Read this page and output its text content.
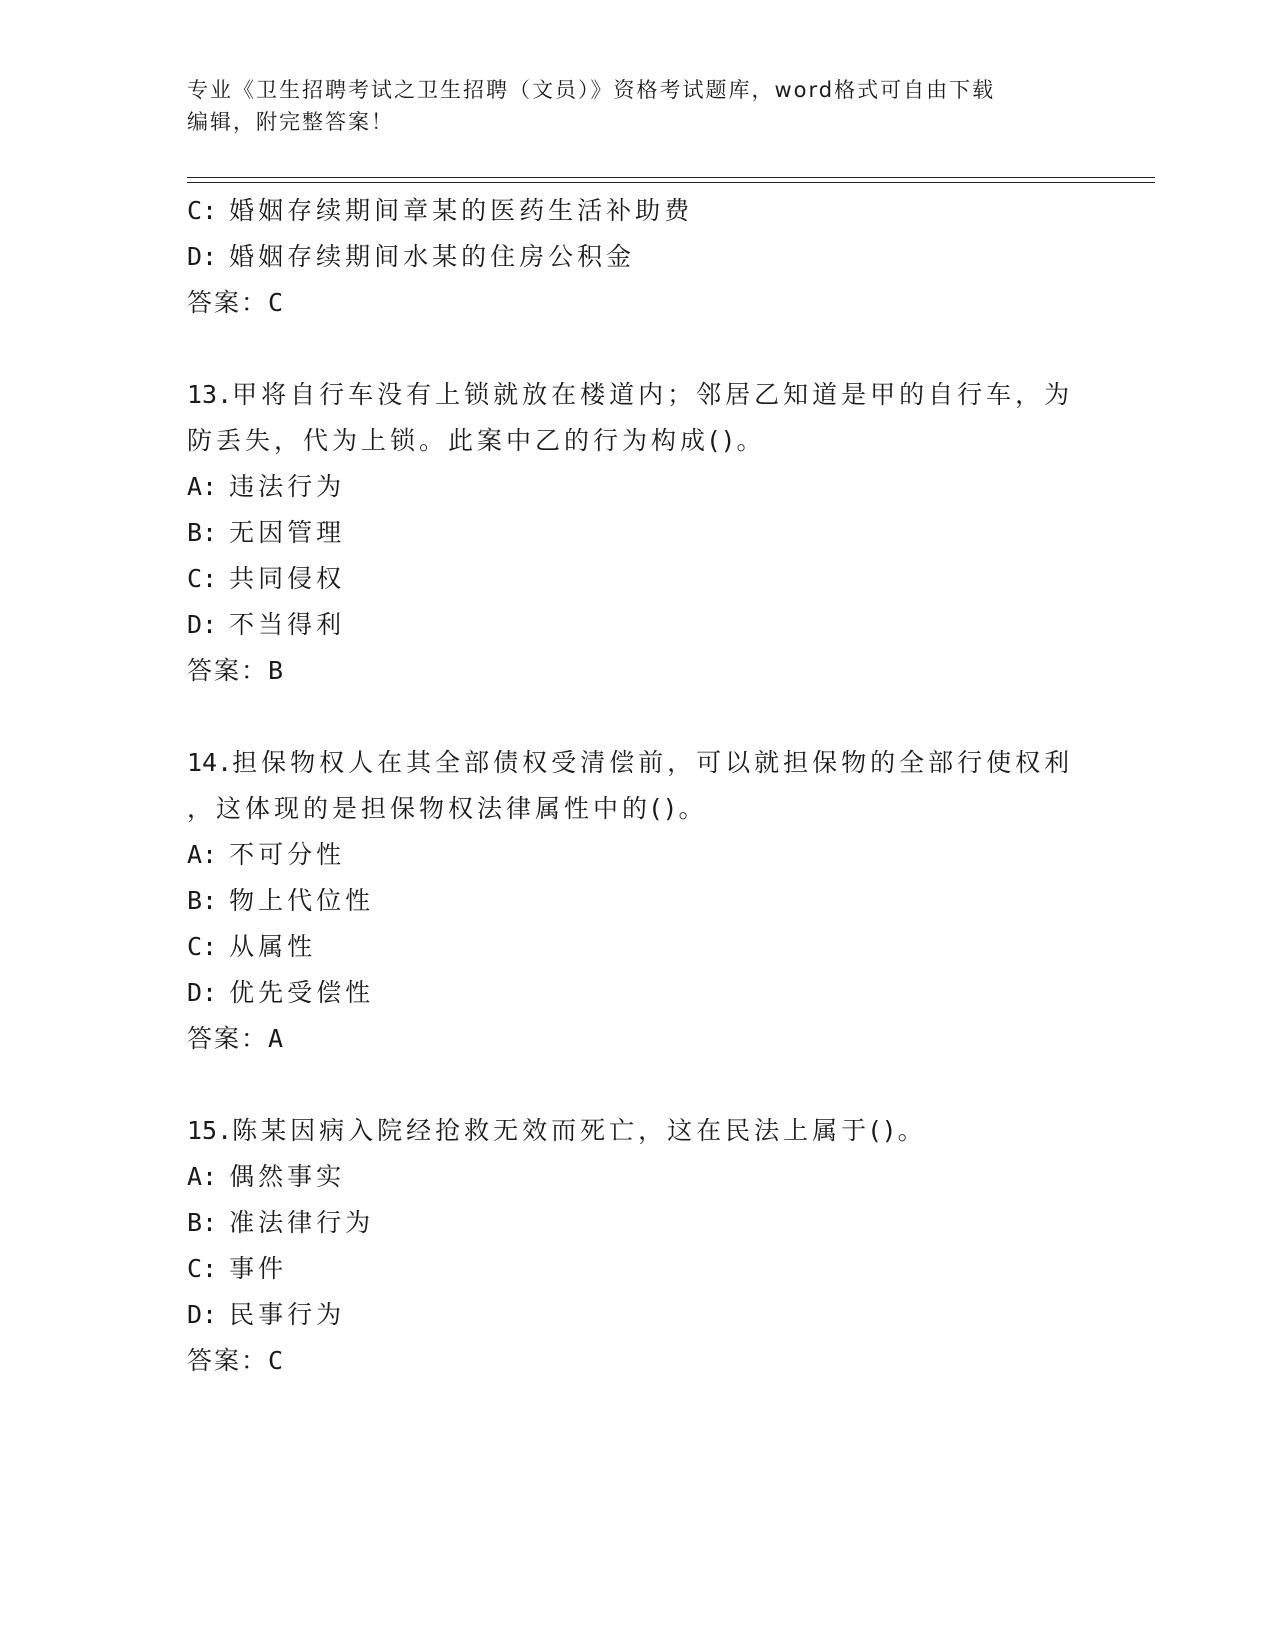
专业《卫生招聘考试之卫生招聘（文员）》资格考试题库，word格式可自由下载
编辑，附完整答案！
C: 婚姻存续期间章某的医药生活补助费
D: 婚姻存续期间水某的住房公积金
答案：C
13.甲将自行车没有上锁就放在楼道内；邻居乙知道是甲的自行车，为
防丢失，代为上锁。此案中乙的行为构成()。
A: 违法行为
B: 无因管理
C: 共同侵权
D: 不当得利
答案：B
14.担保物权人在其全部债权受清偿前，可以就担保物的全部行使权利
，这体现的是担保物权法律属性中的()。
A: 不可分性
B: 物上代位性
C: 从属性
D: 优先受偿性
答案：A
15.陈某因病入院经抢救无效而死亡，这在民法上属于()。
A: 偶然事实
B: 准法律行为
C: 事件
D: 民事行为
答案：C
